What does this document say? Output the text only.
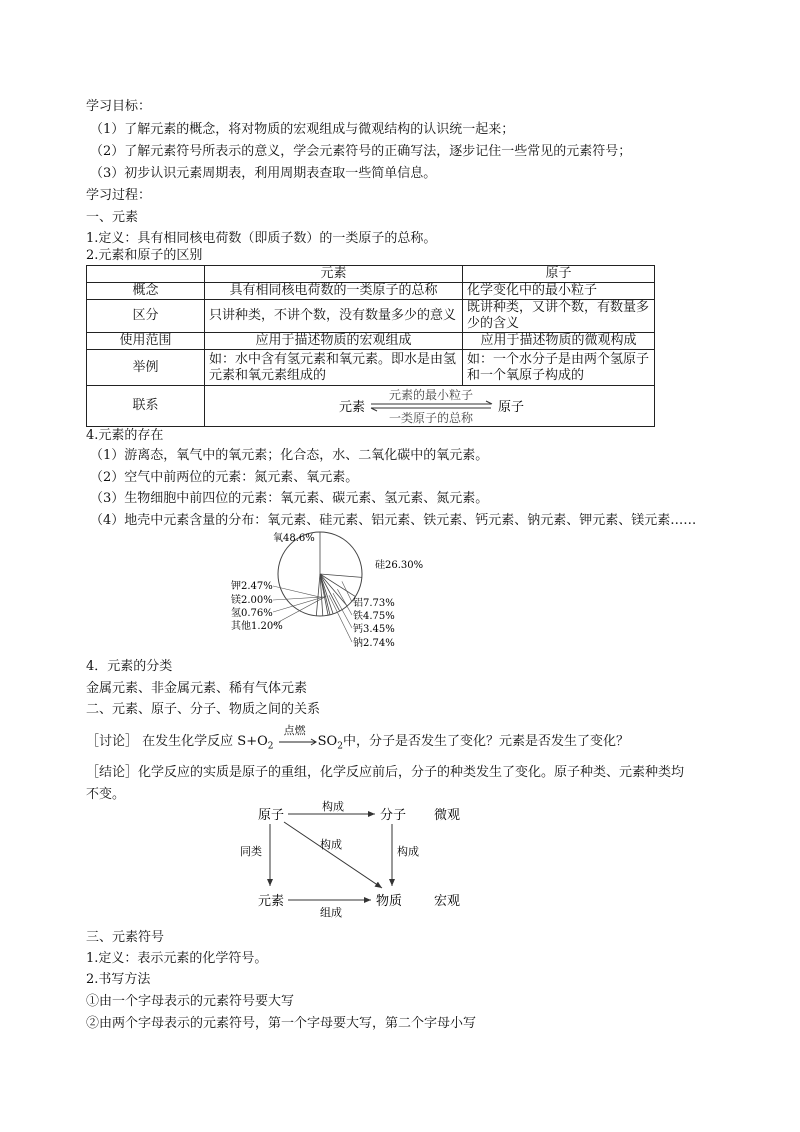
学习目标：
（1）了解元素的概念，将对物质的宏观组成与微观结构的认识统一起来；
（2）了解元素符号所表示的意义，学会元素符号的正确写法，逐步记住一些常见的元素符号；
（3）初步认识元素周期表，利用周期表查取一些简单信息。
学习过程：
一、元素
1.定义：具有相同核电荷数（即质子数）的一类原子的总称。
2.元素和原子的区别
	元素	原子
概念	具有相同核电荷数的一类原子的总称	化学变化中的最小粒子
区分	只讲种类，不讲个数，没有数量多少的意义	既讲种类，又讲个数，有数量多少的含义
使用范围	应用于描述物质的宏观组成	应用于描述物质的微观构成
举例	如：水中含有氢元素和氧元素。即水是由氢元素和氧元素组成的	如：一个水分子是由两个氢原子和一个氧原子构成的
联系	元素 原子
元素的最小粒子
一类原子的总称	
4.元素的存在
（1）游离态，氧气中的氧元素；化合态，水、二氧化碳中的氧元素。
（2）空气中前两位的元素：氮元素、氧元素。
（3）生物细胞中前四位的元素：氧元素、碳元素、氢元素、氮元素。
（4）地壳中元素含量的分布：氧元素、硅元素、铝元素、铁元素、钙元素、钠元素、钾元素、镁元素……
氧48.6%
硅26.30%
铝7.73%
铁4.75%
钙3.45%
钠2.74%
钾2.47%
镁2.00%
氢0.76%
其他1.20%
4．元素的分类
金属元素、非金属元素、稀有气体元素
二、元素、原子、分子、物质之间的关系
［讨论］ 在发生化学反应 $S+O_2$
点燃
$SO_2$中，分子是否发生了变化？元素是否发生了变化？
［结论］化学反应的实质是原子的重组，化学反应前后，分子的种类发生了变化。原子种类、元素种类均
不变。
原子	分子 微观
元素	物质 宏观
构成
同类
构成
构成
组成
三、元素符号
1.定义：表示元素的化学符号。
2.书写方法
①由一个字母表示的元素符号要大写
②由两个字母表示的元素符号，第一个字母要大写，第二个字母小写
